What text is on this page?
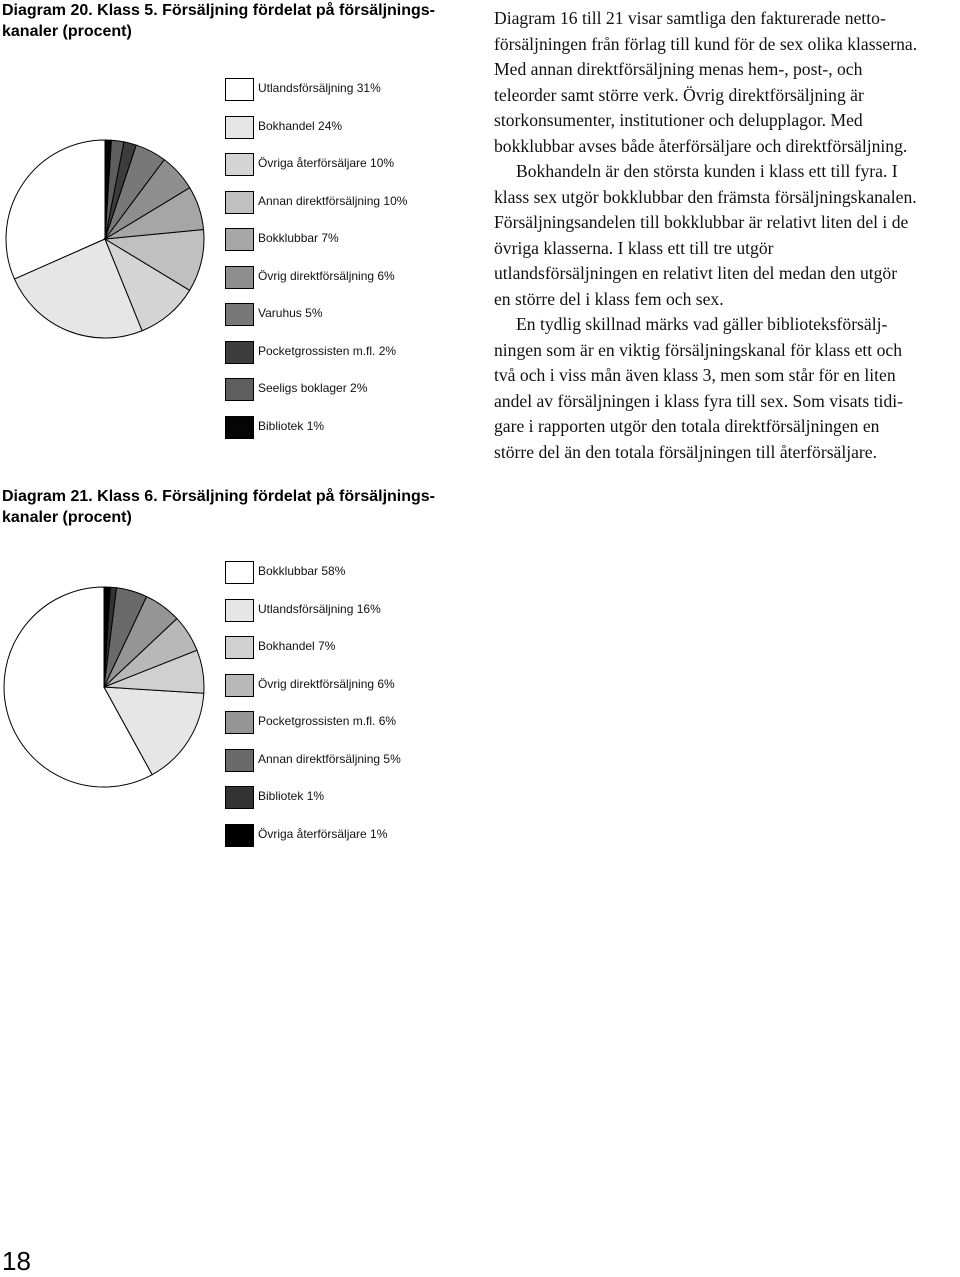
Diagram 20. Klass 5. Försäljning fördelat på försäljnings-
kanaler (procent)
Utlandsförsäljning 31%
Bokhandel 24%
Övriga återförsäljare 10%
Annan direktförsäljning 10%
Bokklubbar 7%
Övrig direktförsäljning 6%
Varuhus 5%
Pocketgrossisten m.fl. 2%
Seeligs boklager 2%
Bibliotek 1%
Diagram 21. Klass 6. Försäljning fördelat på försäljnings-
kanaler (procent)
Bokklubbar 58%
Utlandsförsäljning 16%
Bokhandel 7%
Övrig direktförsäljning 6%
Pocketgrossisten m.fl. 6%
Annan direktförsäljning 5%
Bibliotek 1%
Övriga återförsäljare 1%

Diagram 16 till 21 visar samtliga den fakturerade netto-
försäljningen från förlag till kund för de sex olika klasserna.
Med annan direktförsäljning menas hem-, post-, och
teleorder samt större verk. Övrig direktförsäljning är
storkonsumenter, institutioner och delupplagor. Med
bokklubbar avses både återförsäljare och direktförsäljning.

Bokhandeln är den största kunden i klass ett till fyra. I

klass sex utgör bokklubbar den främsta försäljningskanalen.
Försäljningsandelen till bokklubbar är relativt liten del i de
övriga klasserna. I klass ett till tre utgör
utlandsförsäljningen en relativt liten del medan den utgör
en större del i klass fem och sex.

En tydlig skillnad märks vad gäller biblioteksförsälj-

ningen som är en viktig försäljningskanal för klass ett och
två och i viss mån även klass 3, men som står för en liten
andel av försäljningen i klass fyra till sex. Som visats tidi-
gare i rapporten utgör den totala direktförsäljningen en
större del än den totala försäljningen till återförsäljare.

18
